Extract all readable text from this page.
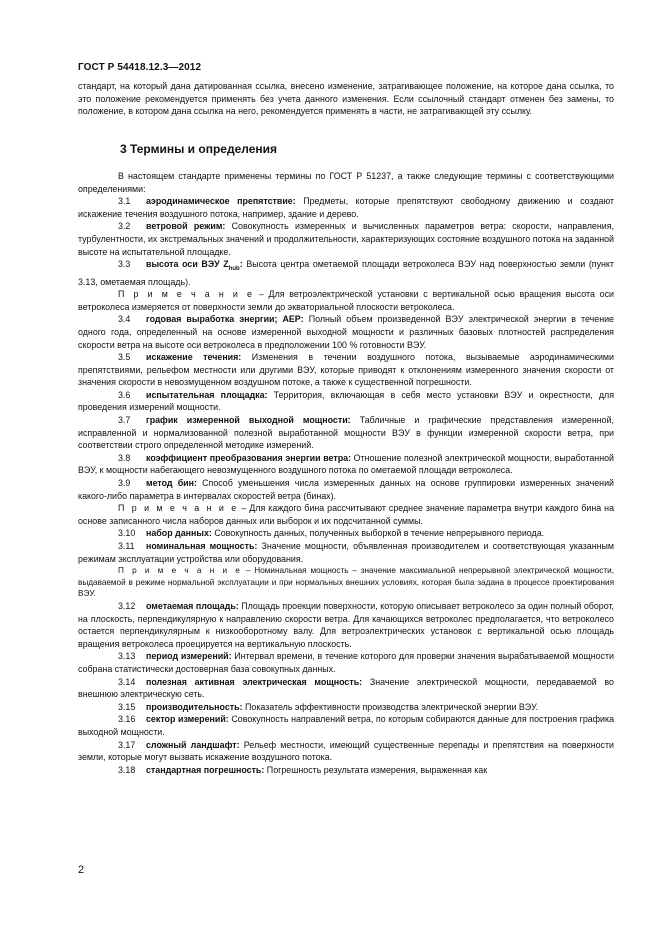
ГОСТ Р 54418.12.3—2012
стандарт, на который дана датированная ссылка, внесено изменение, затрагивающее положение, на которое дана ссылка, то это положение рекомендуется применять без учета данного изменения. Если ссылочный стандарт отменен без замены, то положение, в котором дана ссылка на него, рекомендуется применять в части, не затрагивающей эту ссылку.
3 Термины и определения

В настоящем стандарте применены термины по ГОСТ Р 51237, а также следующие термины с соответствующими определениями:

3.1 аэродинамическое препятствие: Предметы, которые препятствуют свободному движению и создают искажение течения воздушного потока, например, здание и дерево.

3.2 ветровой режим: Совокупность измеренных и вычисленных параметров ветра: скорости, направления, турбулентности, их экстремальных значений и продолжительности, характеризующих состояние воздушного потока на заданной высоте на испытательной площадке.

3.3 высота оси ВЭУ $Z_{hub}$: Высота центра ометаемой площади ветроколеса ВЭУ над поверхностью земли (пункт 3.13, ометаемая площадь).

П р и м е ч а н и е – Для ветроэлектрической установки с вертикальной осью вращения высота оси ветроколеса измеряется от поверхности земли до экваториальной плоскости ветроколеса.

3.4 годовая выработка энергии; AEP: Полный объем произведенной ВЭУ электрической энергии в течение одного года, определенный на основе измеренной выходной мощности и различных базовых плотностей распределения скорости ветра на высоте оси ветроколеса в предположении 100 % готовности ВЭУ.

3.5 искажение течения: Изменения в течении воздушного потока, вызываемые аэродинамическими препятствиями, рельефом местности или другими ВЭУ, которые приводят к отклонениям измеренного значения скорости от значения скорости в невозмущенном воздушном потоке, а также к существенной погрешности.

3.6 испытательная площадка: Территория, включающая в себя место установки ВЭУ и окрестности, для проведения измерений мощности.

3.7 график измеренной выходной мощности: Табличные и графические представления измеренной, исправленной и нормализованной полезной выработанной мощности ВЭУ в функции измеренной скорости ветра, при соответствии строго определенной методике измерений.

3.8 коэффициент преобразования энергии ветра: Отношение полезной электрической мощности, выработанной ВЭУ, к мощности набегающего невозмущенного воздушного потока по ометаемой площади ветроколеса.

3.9 метод бин: Способ уменьшения числа измеренных данных на основе группировки измеренных значений какого-либо параметра в интервалах скоростей ветра (бинах).

П р и м е ч а н и е – Для каждого бина рассчитывают среднее значение параметра внутри каждого бина на основе записанного числа наборов данных или выборок и их подсчитанной суммы.

3.10 набор данных: Совокупность данных, полученных выборкой в течение непрерывного периода.

3.11 номинальная мощность: Значение мощности, объявленная производителем и соответствующая указанным режимам эксплуатации устройства или оборудования.

П р и м е ч а н и е – Номинальная мощность – значение максимальной непрерывной электрической мощности, выдаваемой в режиме нормальной эксплуатации и при нормальных внешних условиях, которая была задана в процессе проектирования ВЭУ.

3.12 ометаемая площадь: Площадь проекции поверхности, которую описывает ветроколесо за один полный оборот, на плоскость, перпендикулярную к направлению скорости ветра. Для качающихся ветроколес предполагается, что ветроколесо остается перпендикулярным к низкооборотному валу. Для ветроэлектрических установок с вертикальной осью площадь вращения ветроколеса проецируется на вертикальную плоскость.

3.13 период измерений: Интервал времени, в течение которого для проверки значения вырабатываемой мощности собрана статистически достоверная база совокупных данных.

3.14 полезная активная электрическая мощность: Значение электрической мощности, передаваемой во внешнюю электрическую сеть.

3.15 производительность: Показатель эффективности производства электрической энергии ВЭУ.

3.16 сектор измерений: Совокупность направлений ветра, по которым собираются данные для построения графика выходной мощности.

3.17 сложный ландшафт: Рельеф местности, имеющий существенные перепады и препятствия на поверхности земли, которые могут вызвать искажение воздушного потока.

3.18 стандартная погрешность: Погрешность результата измерения, выраженная как

2
